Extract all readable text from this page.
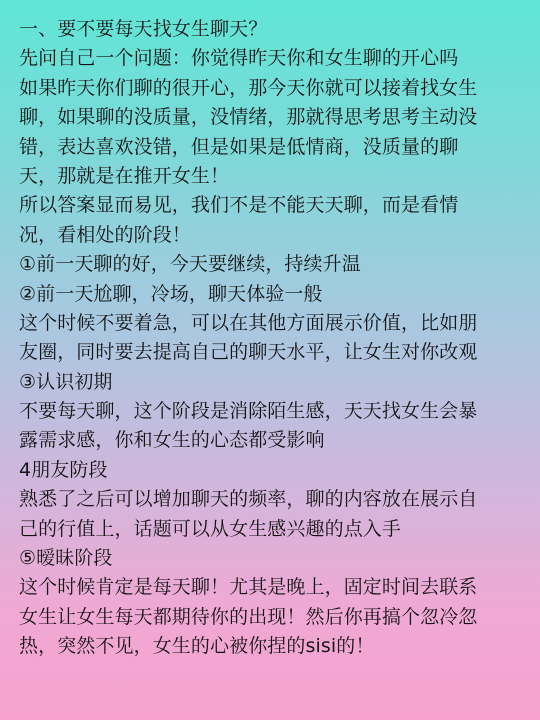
一、要不要每天找女生聊天？
先问自己一个问题：你觉得昨天你和女生聊的开心吗
如果昨天你们聊的很开心，那今天你就可以接着找女生
聊，如果聊的没质量，没情绪，那就得思考思考主动没
错，表达喜欢没错，但是如果是低情商，没质量的聊
天，那就是在推开女生！
所以答案显而易见，我们不是不能天天聊，而是看情
况，看相处的阶段！
①前一天聊的好，今天要继续，持续升温
②前一天尬聊，冷场，聊天体验一般
这个时候不要着急，可以在其他方面展示价值，比如朋
友圈，同时要去提高自己的聊天水平，让女生对你改观
③认识初期
不要每天聊，这个阶段是消除陌生感，天天找女生会暴
露需求感，你和女生的心态都受影响
4朋友防段
熟悉了之后可以增加聊天的频率，聊的内容放在展示自
己的行值上，话题可以从女生感兴趣的点入手
⑤暧昧阶段
这个时候肯定是每天聊！尤其是晚上，固定时间去联系
女生让女生每天都期待你的出现！然后你再搞个忽冷忽
热，突然不见，女生的心被你捏的sisi的！
